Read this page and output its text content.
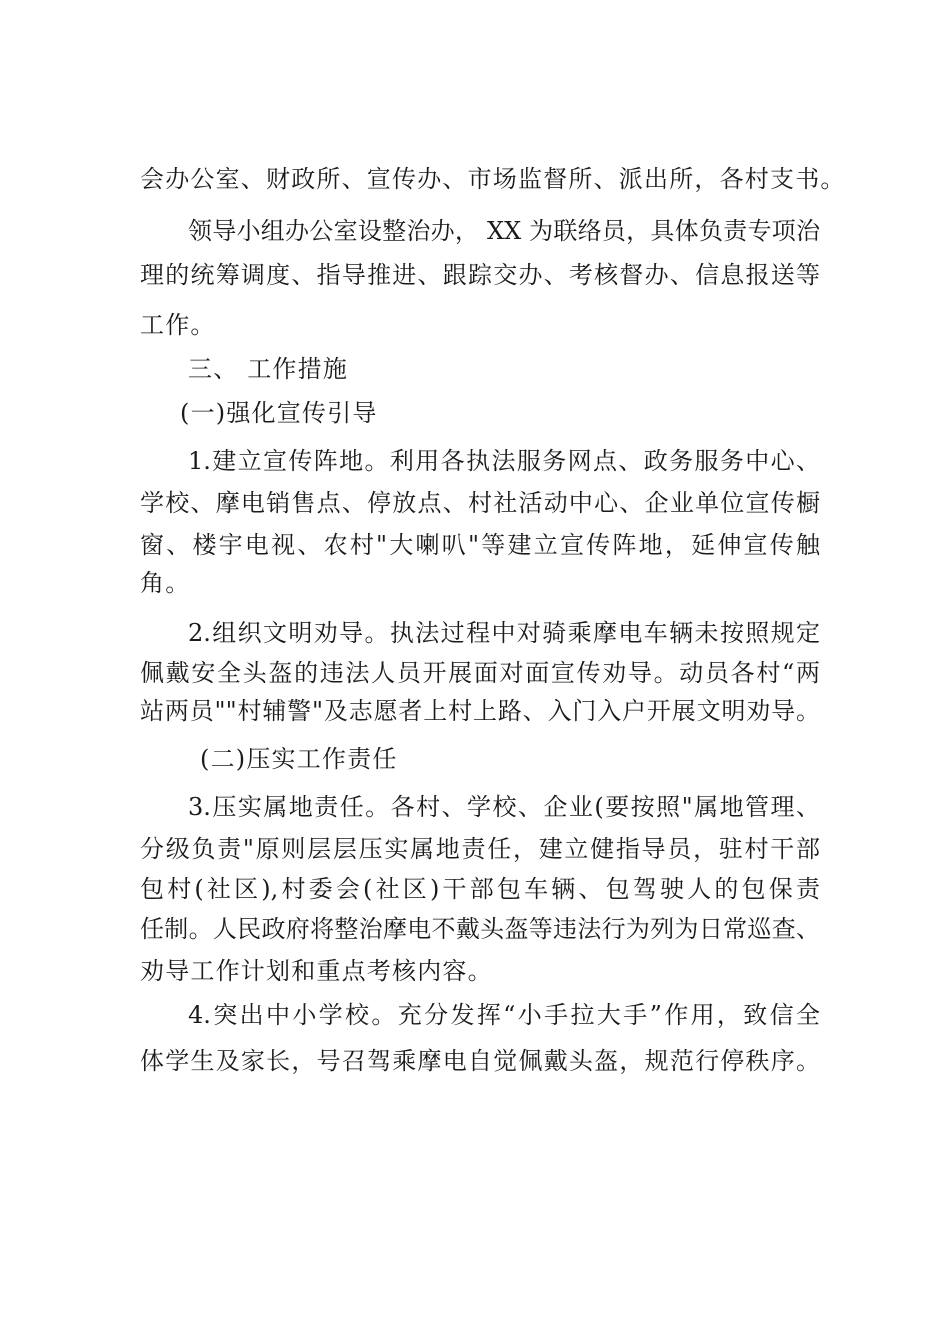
会办公室、财政所、宣传办、市场监督所、派出所，各村支书。
领导小组办公室设整治办， XX 为联络员，具体负责专项治
理的统筹调度、指导推进、跟踪交办、考核督办、信息报送等
工作。
三、 工作措施
(一)强化宣传引导
1.建立宣传阵地。利用各执法服务网点、政务服务中心、
学校、摩电销售点、停放点、村社活动中心、企业单位宣传橱
窗、楼宇电视、农村"大喇叭"等建立宣传阵地，延伸宣传触
角。
2.组织文明劝导。执法过程中对骑乘摩电车辆未按照规定
佩戴安全头盔的违法人员开展面对面宣传劝导。动员各村“两
站两员""村辅警"及志愿者上村上路、入门入户开展文明劝导。
(二)压实工作责任
3.压实属地责任。各村、学校、企业(要按照"属地管理、
分级负责"原则层层压实属地责任，建立健指导员，驻村干部
包村(社区),村委会(社区)干部包车辆、包驾驶人的包保责
任制。人民政府将整治摩电不戴头盔等违法行为列为日常巡查、
劝导工作计划和重点考核内容。
4.突出中小学校。充分发挥“小手拉大手”作用，致信全
体学生及家长，号召驾乘摩电自觉佩戴头盔，规范行停秩序。
